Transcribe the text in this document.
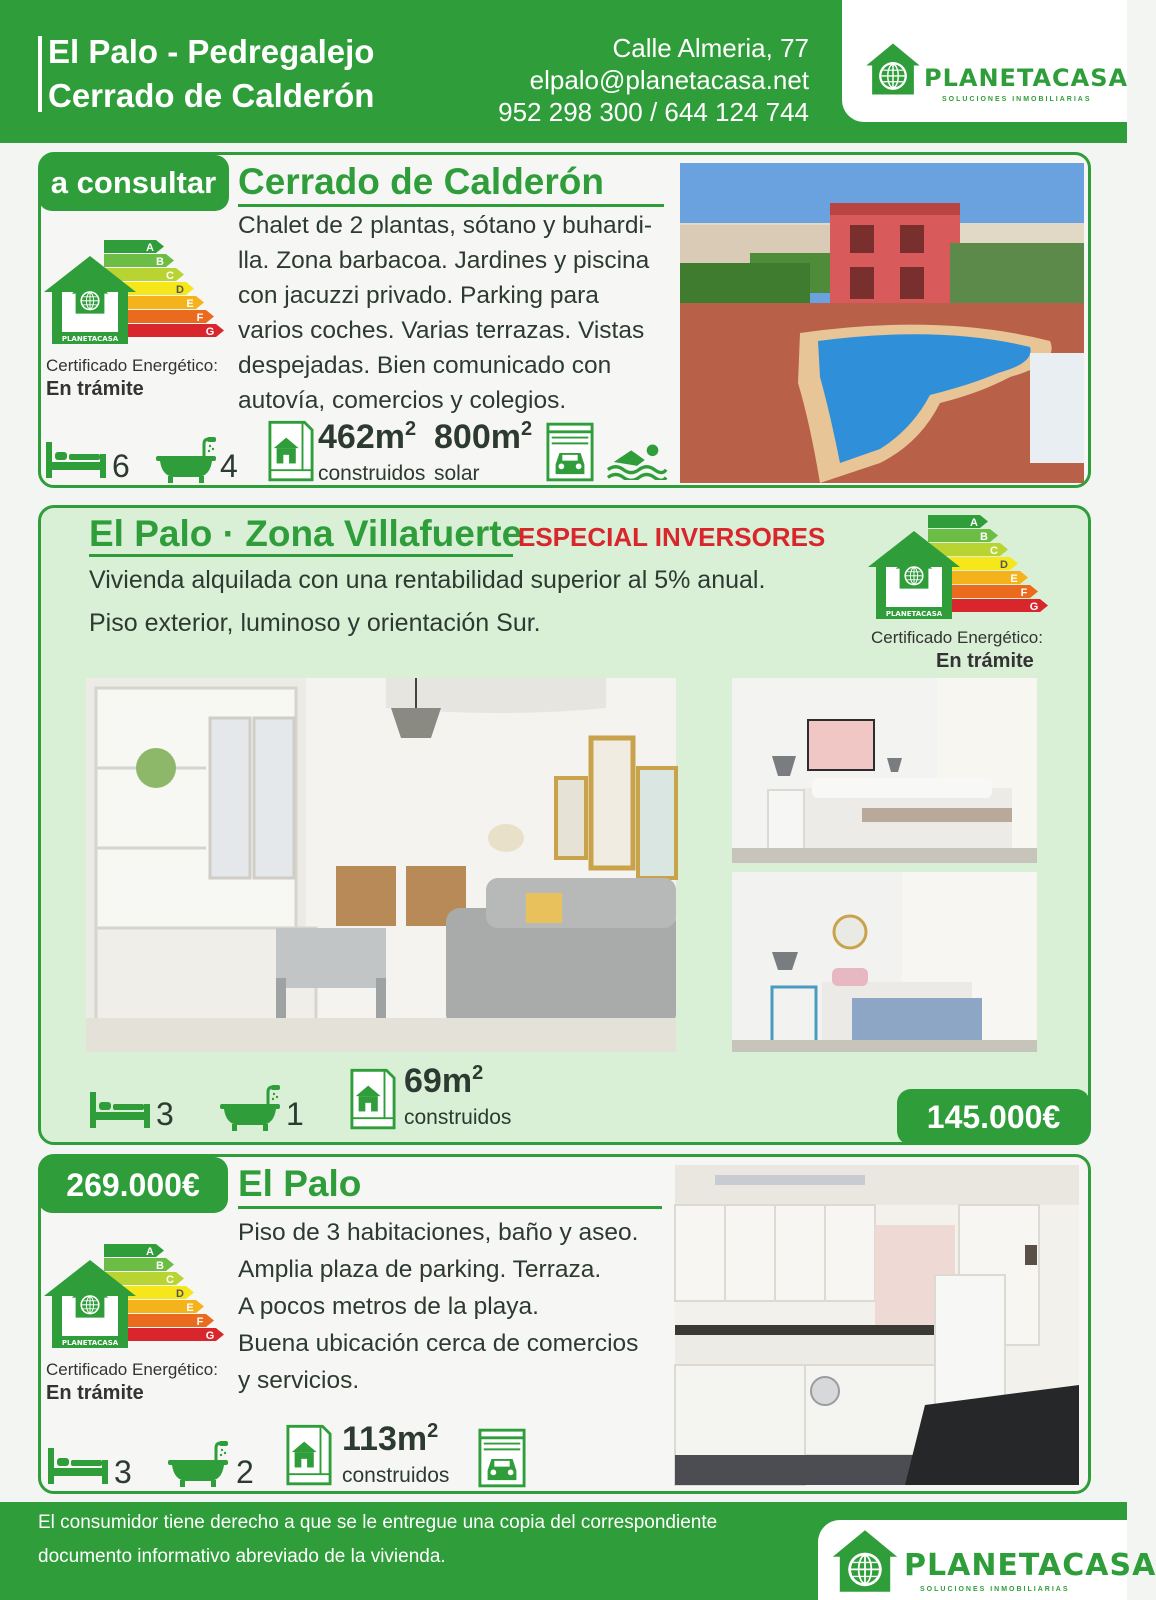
El Palo - Pedregalejo
Cerrado de Calderón
Calle Almeria, 77
elpalo@planetacasa.net
952 298 300 / 644 124 744
PLANETACASA
SOLUCIONES INMOBILIARIAS
a consultar Cerrado de Calderón
Chalet de 2 plantas, sótano y buhardi-lla. Zona barbacoa. Jardines y piscina con jacuzzi privado. Parking para varios coches. Varias terrazas. Vistas despejadas. Bien comunicado con autovía, comercios y colegios.
A
B
C
D
E
F
G
PLANETACASA
Certificado Energético:
En trámite
6	4
$462m^2$
construidos
$800m^2$
solar
El Palo · Zona Villafuerte
ESPECIAL INVERSORES
Vivienda alquilada con una rentabilidad superior al 5% anual.
Piso exterior, luminoso y orientación Sur.
A
B
C
D
E
F
G
PLANETACASA
Certificado Energético:
En trámite
3	1
$69m^2$
construidos	145.000€
269.000€	El Palo
Piso de 3 habitaciones, baño y aseo.
Amplia plaza de parking. Terraza.
A pocos metros de la playa.
Buena ubicación cerca de comercios
y servicios.
A
B
C
D
E
F
G
PLANETACASA
Certificado Energético:
En trámite
3	2
$113m^2$
construidos
El consumidor tiene derecho a que se le entregue una copia del correspondiente
documento informativo abreviado de la vivienda.	PLANETACASA
SOLUCIONES INMOBILIARIAS
